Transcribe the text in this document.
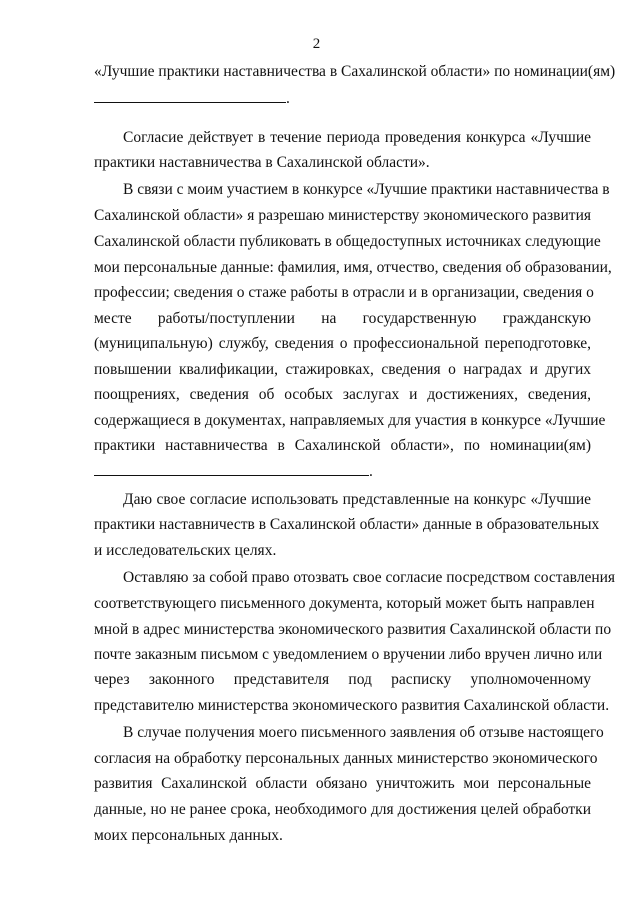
2
«Лучшие практики наставничества в Сахалинской области» по номинации(ям)
.
Согласие действует в течение периода проведения конкурса «Лучшие
практики наставничества в Сахалинской области».
В связи с моим участием в конкурсе «Лучшие практики наставничества в
Сахалинской области» я разрешаю министерству экономического развития
Сахалинской области публиковать в общедоступных источниках следующие
мои персональные данные: фамилия, имя, отчество, сведения об образовании,
профессии; сведения о стаже работы в отрасли и в организации, сведения о
месте работы/поступлении на государственную гражданскую
(муниципальную) службу, сведения о профессиональной переподготовке,
повышении квалификации, стажировках, сведения о наградах и других
поощрениях, сведения об особых заслугах и достижениях, сведения,
содержащиеся в документах, направляемых для участия в конкурсе «Лучшие
практики наставничества в Сахалинской области», по номинации(ям)
.
Даю свое согласие использовать представленные на конкурс «Лучшие
практики наставничеств в Сахалинской области» данные в образовательных
и исследовательских целях.
Оставляю за собой право отозвать свое согласие посредством составления
соответствующего письменного документа, который может быть направлен
мной в адрес министерства экономического развития Сахалинской области по
почте заказным письмом с уведомлением о вручении либо вручен лично или
через законного представителя под расписку уполномоченному
представителю министерства экономического развития Сахалинской области.
В случае получения моего письменного заявления об отзыве настоящего
согласия на обработку персональных данных министерство экономического
развития Сахалинской области обязано уничтожить мои персональные
данные, но не ранее срока, необходимого для достижения целей обработки
моих персональных данных.
